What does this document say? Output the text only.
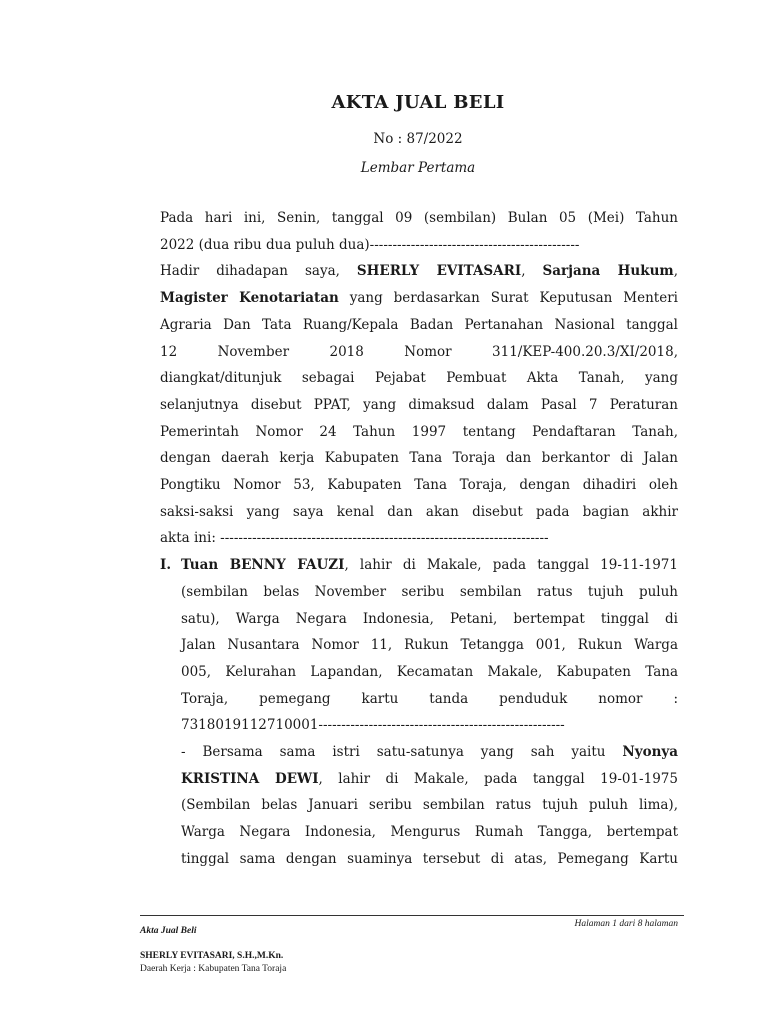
AKTA JUAL BELI
No : 87/2022
Lembar Pertama
Pada hari ini, Senin, tanggal 09 (sembilan) Bulan 05 (Mei) Tahun
2022 (dua ribu dua puluh dua)----------------------------------------------
Hadir dihadapan saya, SHERLY EVITASARI, Sarjana Hukum,
Magister Kenotariatan yang berdasarkan Surat Keputusan Menteri
Agraria Dan Tata Ruang/Kepala Badan Pertanahan Nasional tanggal
12 November 2018 Nomor 311/KEP-400.20.3/XI/2018,
diangkat/ditunjuk sebagai Pejabat Pembuat Akta Tanah, yang
selanjutnya disebut PPAT, yang dimaksud dalam Pasal 7 Peraturan
Pemerintah Nomor 24 Tahun 1997 tentang Pendaftaran Tanah,
dengan daerah kerja Kabupaten Tana Toraja dan berkantor di Jalan
Pongtiku Nomor 53, Kabupaten Tana Toraja, dengan dihadiri oleh
saksi-saksi yang saya kenal dan akan disebut pada bagian akhir
akta ini: ------------------------------------------------------------------------
I. Tuan BENNY FAUZI, lahir di Makale, pada tanggal 19-11-1971
(sembilan belas November seribu sembilan ratus tujuh puluh
satu), Warga Negara Indonesia, Petani, bertempat tinggal di
Jalan Nusantara Nomor 11, Rukun Tetangga 001, Rukun Warga
005, Kelurahan Lapandan, Kecamatan Makale, Kabupaten Tana
Toraja, pemegang kartu tanda penduduk nomor :
7318019112710001------------------------------------------------------
- Bersama sama istri satu-satunya yang sah yaitu Nyonya
KRISTINA DEWI, lahir di Makale, pada tanggal 19-01-1975
(Sembilan belas Januari seribu sembilan ratus tujuh puluh lima),
Warga Negara Indonesia, Mengurus Rumah Tangga, bertempat
tinggal sama dengan suaminya tersebut di atas, Pemegang Kartu
Akta Jual Beli
Halaman 1 dari 8 halaman
SHERLY EVITASARI, S.H.,M.Kn.
Daerah Kerja : Kabupaten Tana Toraja
